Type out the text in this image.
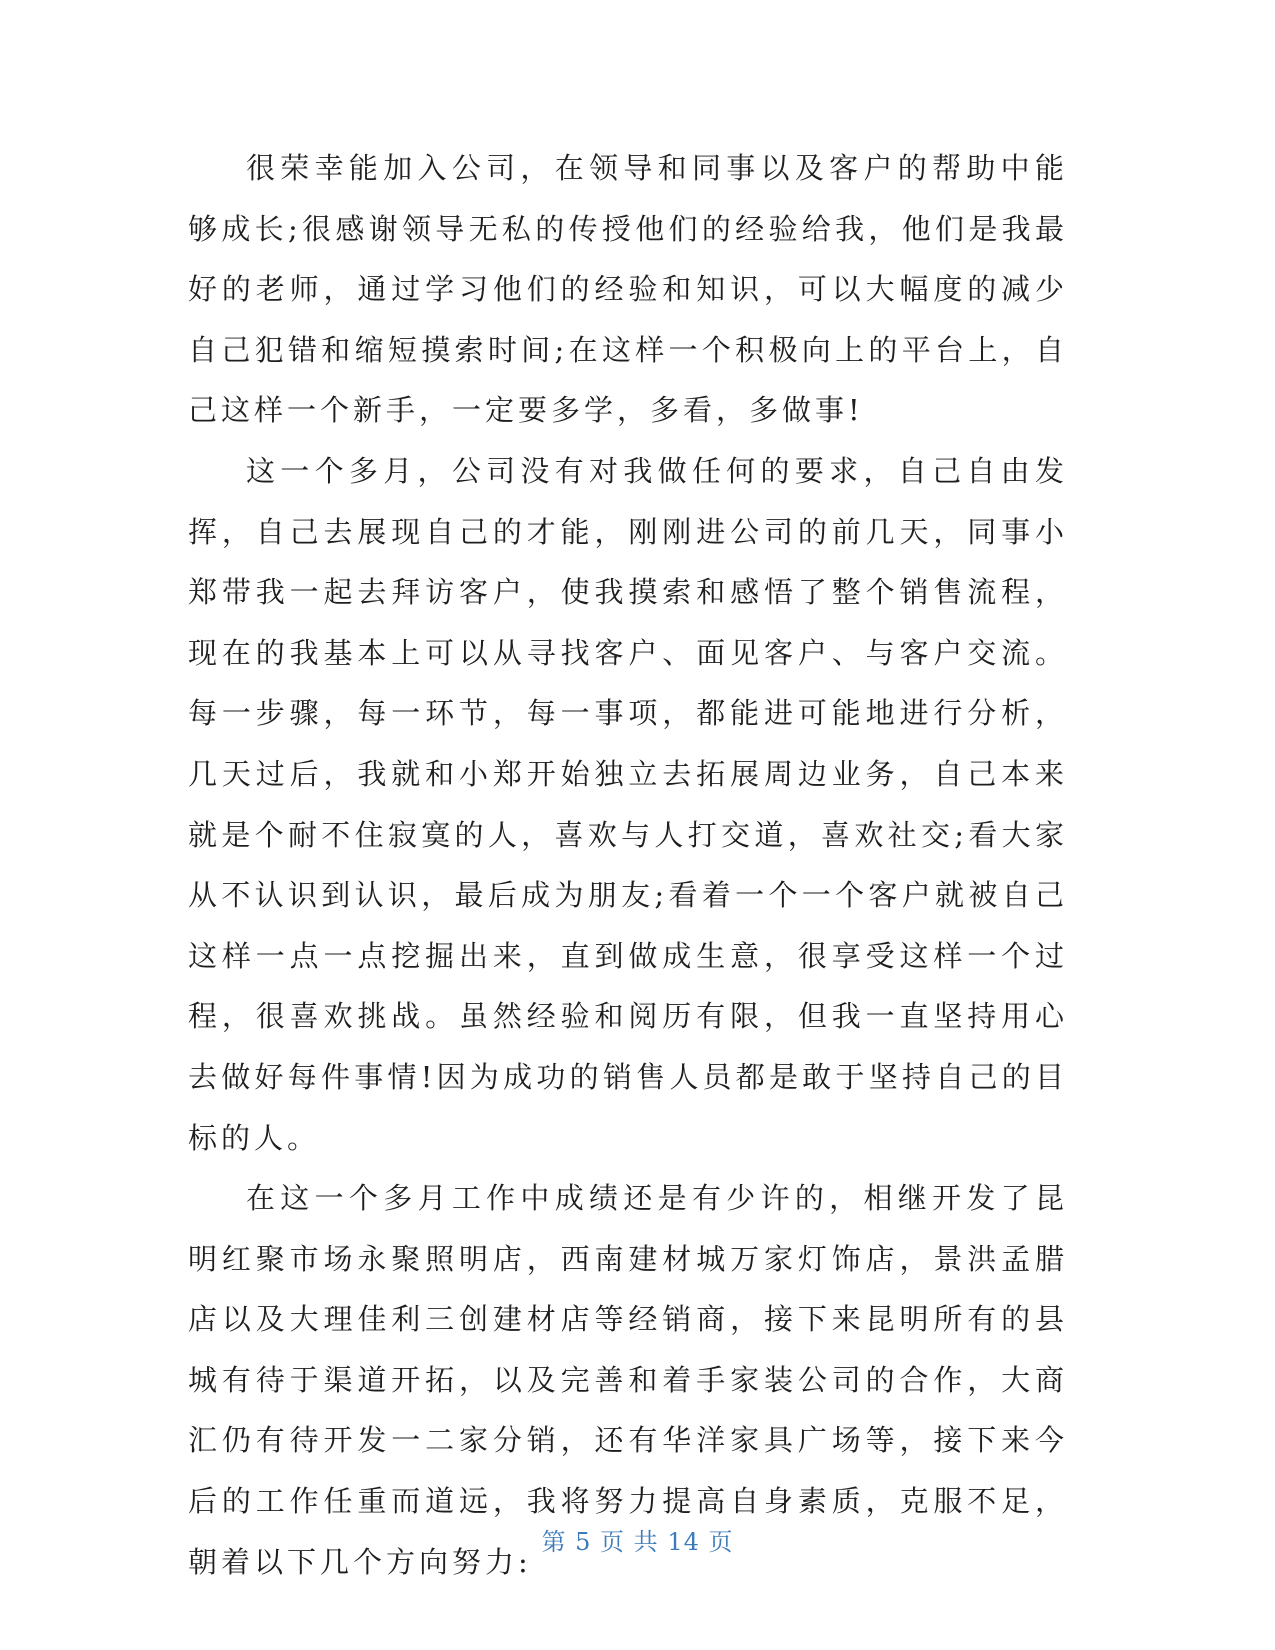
很荣幸能加入公司，在领导和同事以及客户的帮助中能够成长;很感谢领导无私的传授他们的经验给我，他们是我最好的老师，通过学习他们的经验和知识，可以大幅度的减少自己犯错和缩短摸索时间;在这样一个积极向上的平台上，自己这样一个新手，一定要多学，多看，多做事!

这一个多月，公司没有对我做任何的要求，自己自由发挥，自己去展现自己的才能，刚刚进公司的前几天，同事小郑带我一起去拜访客户，使我摸索和感悟了整个销售流程，现在的我基本上可以从寻找客户、面见客户、与客户交流。每一步骤，每一环节，每一事项，都能进可能地进行分析，几天过后，我就和小郑开始独立去拓展周边业务，自己本来就是个耐不住寂寞的人，喜欢与人打交道，喜欢社交;看大家从不认识到认识，最后成为朋友;看着一个一个客户就被自己这样一点一点挖掘出来，直到做成生意，很享受这样一个过程，很喜欢挑战。虽然经验和阅历有限，但我一直坚持用心去做好每件事情!因为成功的销售人员都是敢于坚持自己的目标的人。

在这一个多月工作中成绩还是有少许的，相继开发了昆明红聚市场永聚照明店，西南建材城万家灯饰店，景洪孟腊店以及大理佳利三创建材店等经销商，接下来昆明所有的县城有待于渠道开拓，以及完善和着手家装公司的合作，大商汇仍有待开发一二家分销，还有华洋家具广场等，接下来今后的工作任重而道远，我将努力提高自身素质，克服不足，朝着以下几个方向努力:

第 5 页 共 14 页
